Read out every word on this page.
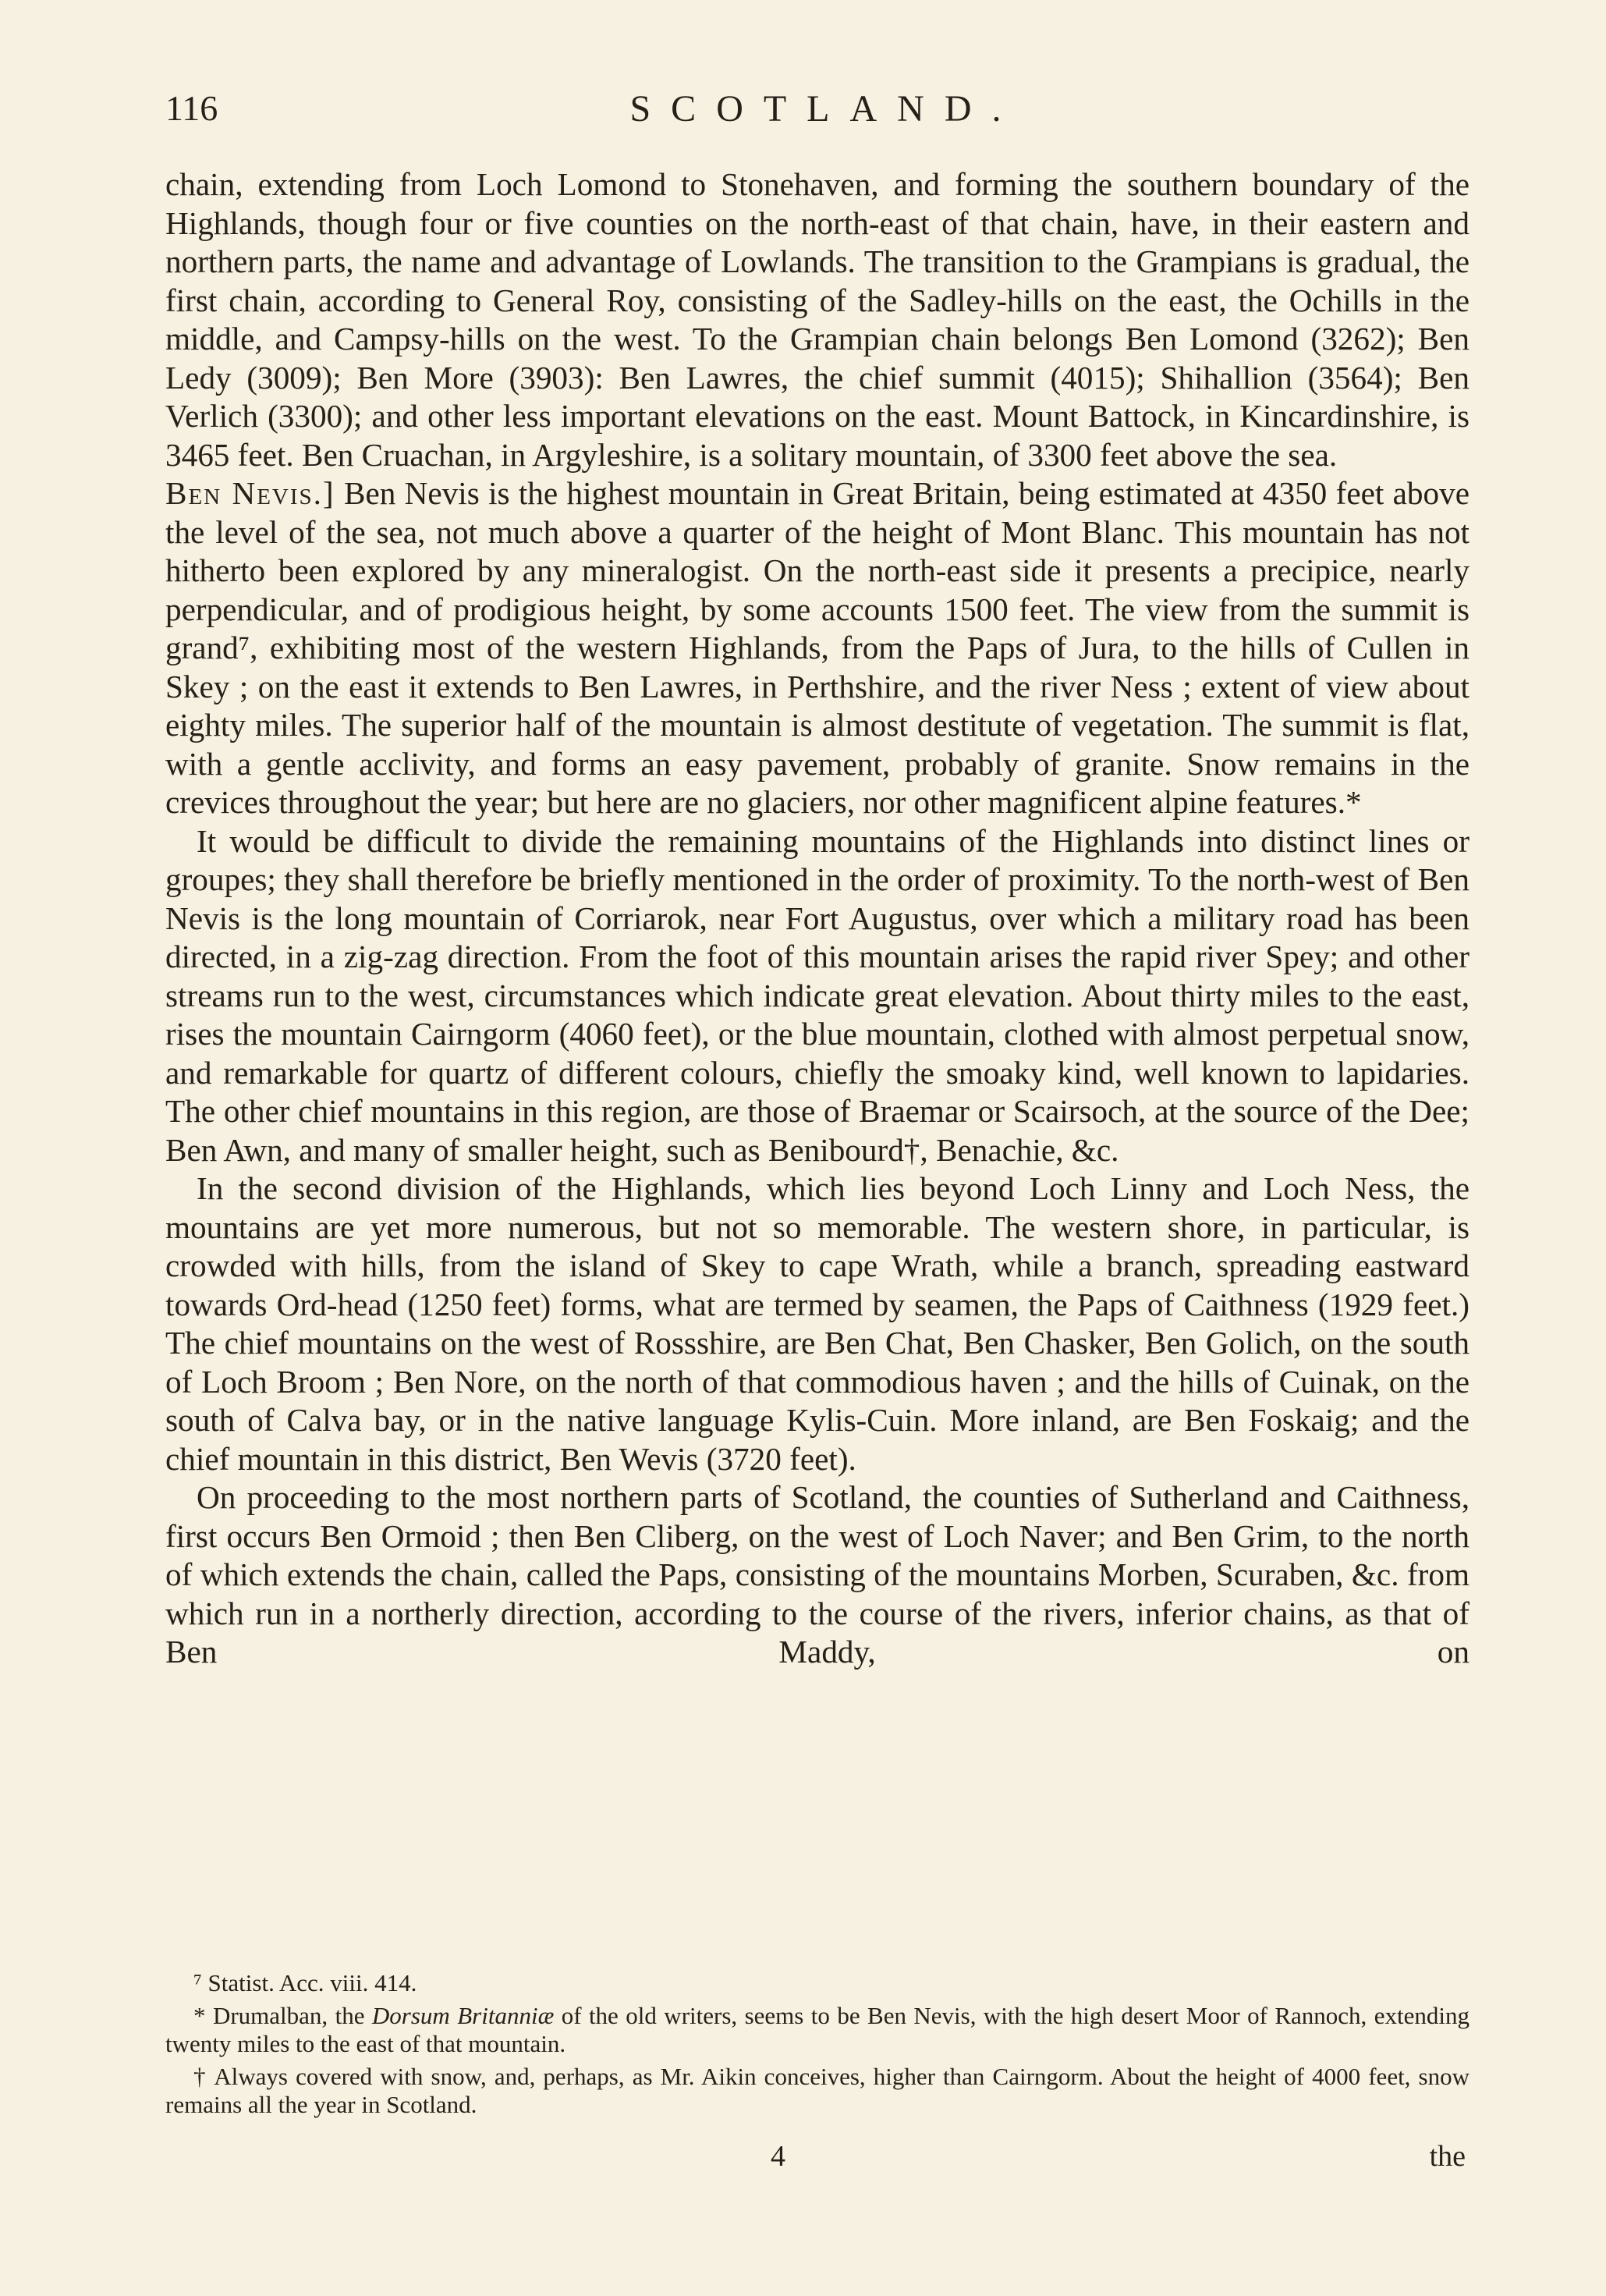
116	SCOTLAND.

chain, extending from Loch Lomond to Stonehaven, and forming the southern boundary of the Highlands, though four or five counties on the north-east of that chain, have, in their eastern and northern parts, the name and advantage of Lowlands. The transition to the Grampians is gradual, the first chain, according to General Roy, consisting of the Sadley-hills on the east, the Ochills in the middle, and Campsy-hills on the west. To the Grampian chain belongs Ben Lomond (3262); Ben Ledy (3009); Ben More (3903): Ben Lawres, the chief summit (4015); Shihallion (3564); Ben Verlich (3300); and other less important elevations on the east. Mount Battock, in Kincardinshire, is 3465 feet. Ben Cruachan, in Argyleshire, is a solitary mountain, of 3300 feet above the sea.

Ben Nevis.] Ben Nevis is the highest mountain in Great Britain, being estimated at 4350 feet above the level of the sea, not much above a quarter of the height of Mont Blanc. This mountain has not hitherto been explored by any mineralogist. On the north-east side it presents a precipice, nearly perpendicular, and of prodigious height, by some accounts 1500 feet. The view from the summit is grand⁷, exhibiting most of the western Highlands, from the Paps of Jura, to the hills of Cullen in Skey ; on the east it extends to Ben Lawres, in Perthshire, and the river Ness ; extent of view about eighty miles. The superior half of the mountain is almost destitute of vegetation. The summit is flat, with a gentle acclivity, and forms an easy pavement, probably of granite. Snow remains in the crevices throughout the year; but here are no glaciers, nor other magnificent alpine features.*

It would be difficult to divide the remaining mountains of the Highlands into distinct lines or groupes; they shall therefore be briefly mentioned in the order of proximity. To the north-west of Ben Nevis is the long mountain of Corriarok, near Fort Augustus, over which a military road has been directed, in a zig-zag direction. From the foot of this mountain arises the rapid river Spey; and other streams run to the west, circumstances which indicate great elevation. About thirty miles to the east, rises the mountain Cairngorm (4060 feet), or the blue mountain, clothed with almost perpetual snow, and remarkable for quartz of different colours, chiefly the smoaky kind, well known to lapidaries. The other chief mountains in this region, are those of Braemar or Scairsoch, at the source of the Dee; Ben Awn, and many of smaller height, such as Benibourd†, Benachie, &c.

In the second division of the Highlands, which lies beyond Loch Linny and Loch Ness, the mountains are yet more numerous, but not so memorable. The western shore, in particular, is crowded with hills, from the island of Skey to cape Wrath, while a branch, spreading eastward towards Ord-head (1250 feet) forms, what are termed by seamen, the Paps of Caithness (1929 feet.) The chief mountains on the west of Rossshire, are Ben Chat, Ben Chasker, Ben Golich, on the south of Loch Broom ; Ben Nore, on the north of that commodious haven ; and the hills of Cuinak, on the south of Calva bay, or in the native language Kylis-Cuin. More inland, are Ben Foskaig; and the chief mountain in this district, Ben Wevis (3720 feet).

On proceeding to the most northern parts of Scotland, the counties of Sutherland and Caithness, first occurs Ben Ormoid ; then Ben Cliberg, on the west of Loch Naver; and Ben Grim, to the north of which extends the chain, called the Paps, consisting of the mountains Morben, Scuraben, &c. from which run in a northerly direction, according to the course of the rivers, inferior chains, as that of Ben Maddy, on

⁷ Statist. Acc. viii. 414.

* Drumalban, the Dorsum Britanniæ of the old writers, seems to be Ben Nevis, with the high desert Moor of Rannoch, extending twenty miles to the east of that mountain.

† Always covered with snow, and, perhaps, as Mr. Aikin conceives, higher than Cairngorm. About the height of 4000 feet, snow remains all the year in Scotland.

4	the
